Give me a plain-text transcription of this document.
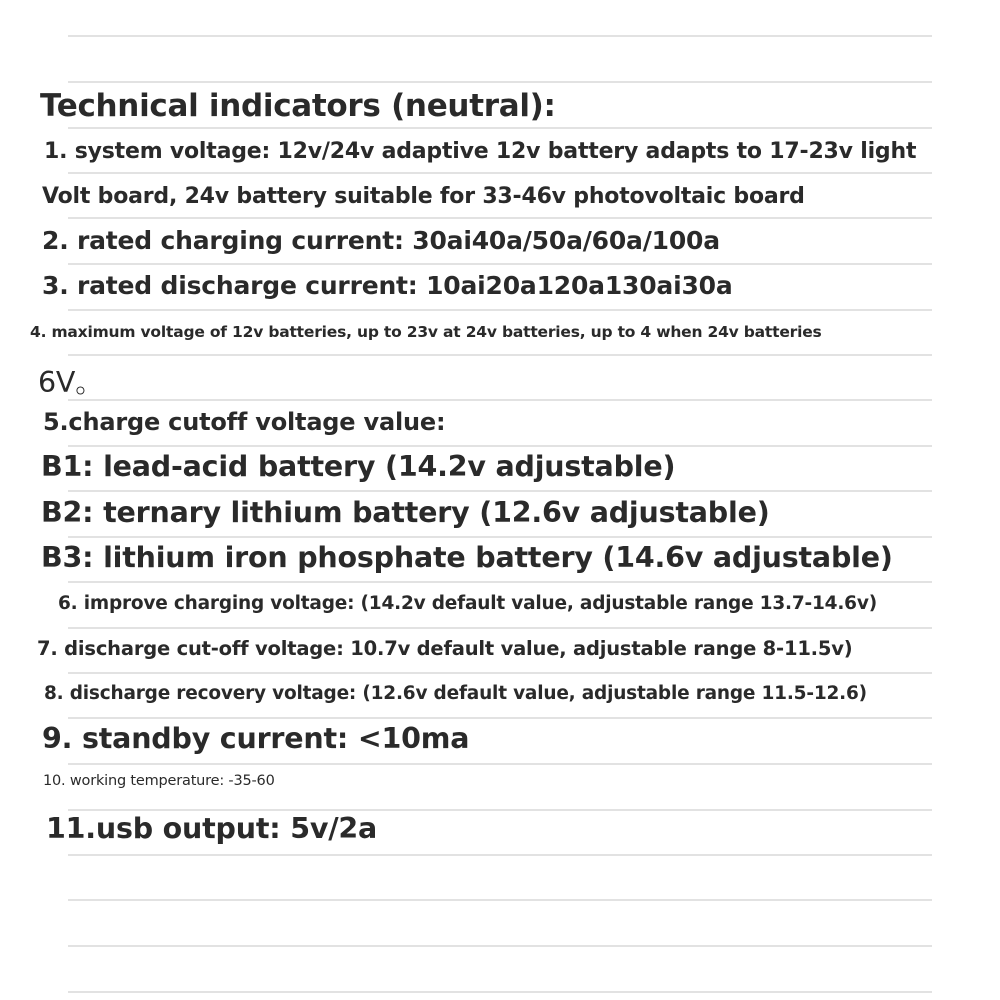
Technical indicators (neutral):
1. system voltage: 12v/24v adaptive 12v battery adapts to 17-23v light
Volt board, 24v battery suitable for 33-46v photovoltaic board
2. rated charging current: 30ai40a/50a/60a/100a
3. rated discharge current: 10ai20a120a130ai30a
4. maximum voltage of 12v batteries, up to 23v at 24v batteries, up to 4 when 24v batteries
6V。
5.charge cutoff voltage value:
B1: lead-acid battery (14.2v adjustable)
B2: ternary lithium battery (12.6v adjustable)
B3: lithium iron phosphate battery (14.6v adjustable)
6. improve charging voltage: (14.2v default value, adjustable range 13.7-14.6v)
7. discharge cut-off voltage: 10.7v default value, adjustable range 8-11.5v)
8. discharge recovery voltage: (12.6v default value, adjustable range 11.5-12.6)
9. standby current: <10ma
10. working temperature: -35-60
11.usb output: 5v/2a
